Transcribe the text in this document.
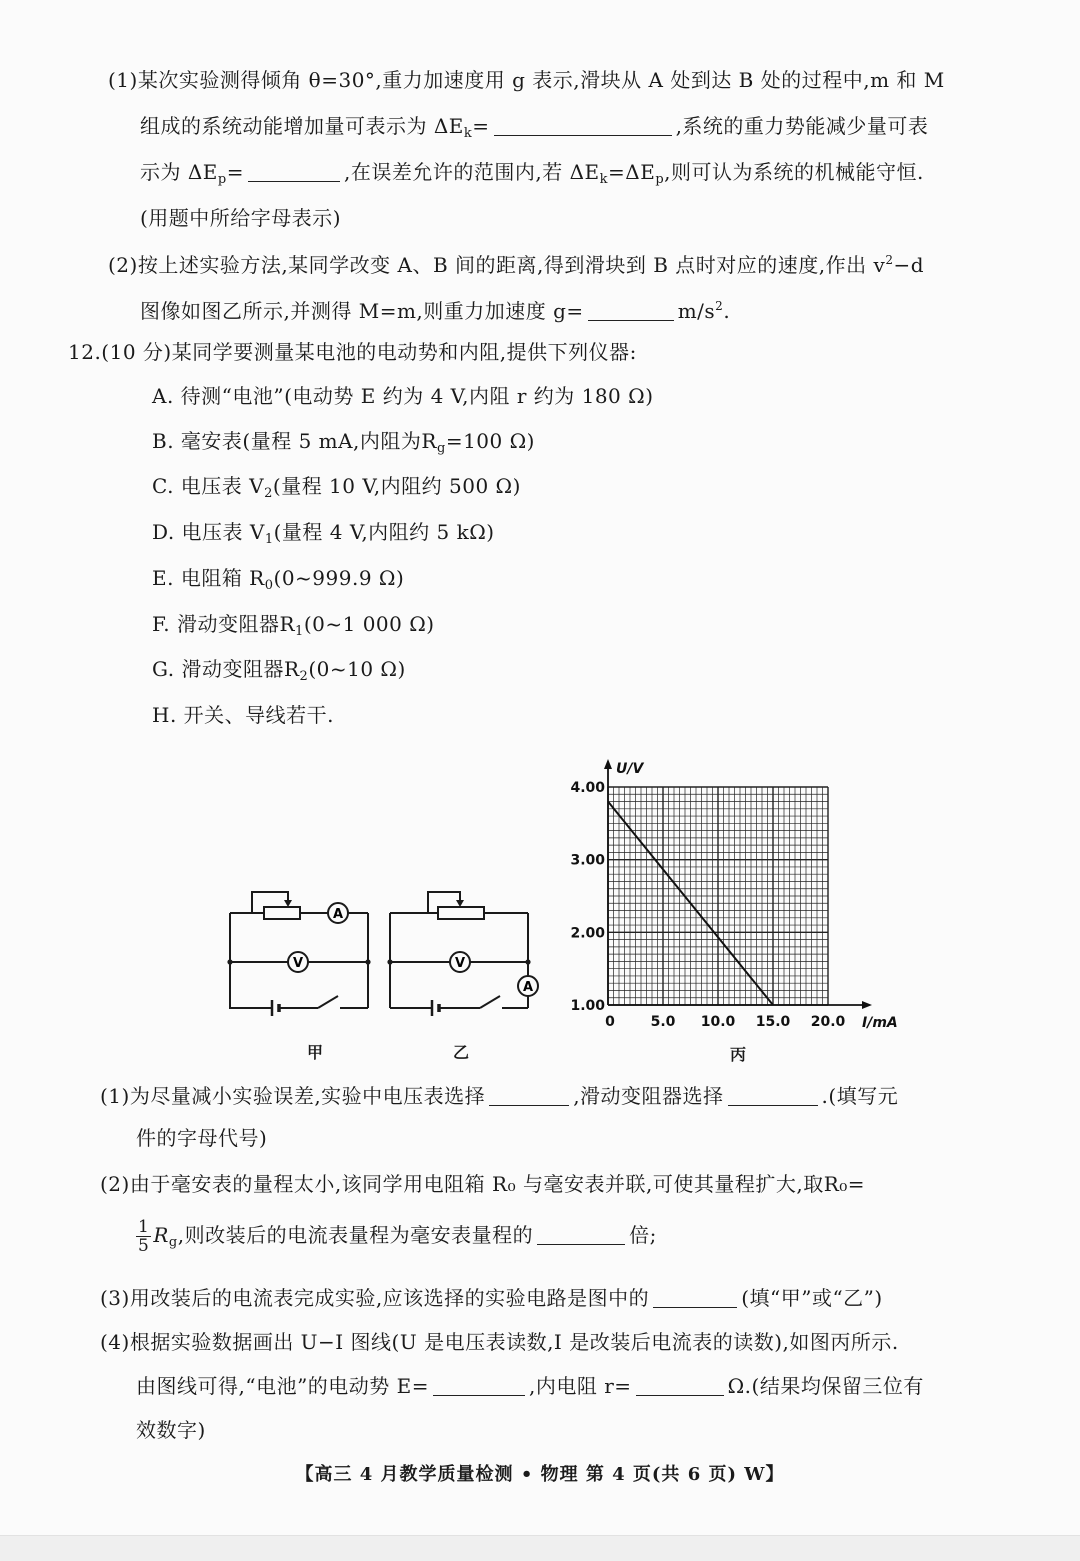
(1)某次实验测得倾角 θ=30°,重力加速度用 g 表示,滑块从 A 处到达 B 处的过程中,m 和 M
组成的系统动能增加量可表示为 $\Delta E_k=$	,系统的重力势能减少量可表
示为 $\Delta E_p=$	,在误差允许的范围内,若 $\Delta E_k=\Delta E_p$,则可认为系统的机械能守恒.
(用题中所给字母表示)
(2)按上述实验方法,某同学改变 A、B 间的距离,得到滑块到 B 点时对应的速度,作出 $v^2-d$
图像如图乙所示,并测得 M=m,则重力加速度 g=	$m/s^2$.
12.(10 分)某同学要测量某电池的电动势和内阻,提供下列仪器:
A. 待测“电池”(电动势 E 约为 4 V,内阻 r 约为 180 Ω)
B. 毫安表(量程 5 mA,内阻为$R_g=100$ Ω)
C. 电压表 $V_2$(量程 10 V,内阻约 500 Ω)
D. 电压表 $V_1$(量程 4 V,内阻约 5 kΩ)
E. 电阻箱 $R_0(0\sim 999.9$ Ω)
F. 滑动变阻器$R_1(0\sim 1$ 000 Ω)
G. 滑动变阻器$R_2(0\sim 10$ Ω)
H. 开关、导线若干.
A
V
A
V
甲	乙	丙
0	5.0 10.0 15.0 20.0
1.00
2.00
3.00
4.00
I/mA
U/V
(1)为尽量减小实验误差,实验中电压表选择	,滑动变阻器选择	.(填写元
件的字母代号)
(2)由于毫安表的量程太小,该同学用电阻箱 R₀ 与毫安表并联,可使其量程扩大,取R₀=
$\frac{1}{5} R_g$,则改装后的电流表量程为毫安表量程的	倍;
(3)用改装后的电流表完成实验,应该选择的实验电路是图中的	(填“甲”或“乙”)
(4)根据实验数据画出 U−I 图线(U 是电压表读数,I 是改装后电流表的读数),如图丙所示.
由图线可得,“电池”的电动势 E=	,内电阻 r=	Ω.(结果均保留三位有
效数字)
【高三 4 月教学质量检测 • 物理 第 4 页(共 6 页) W】
